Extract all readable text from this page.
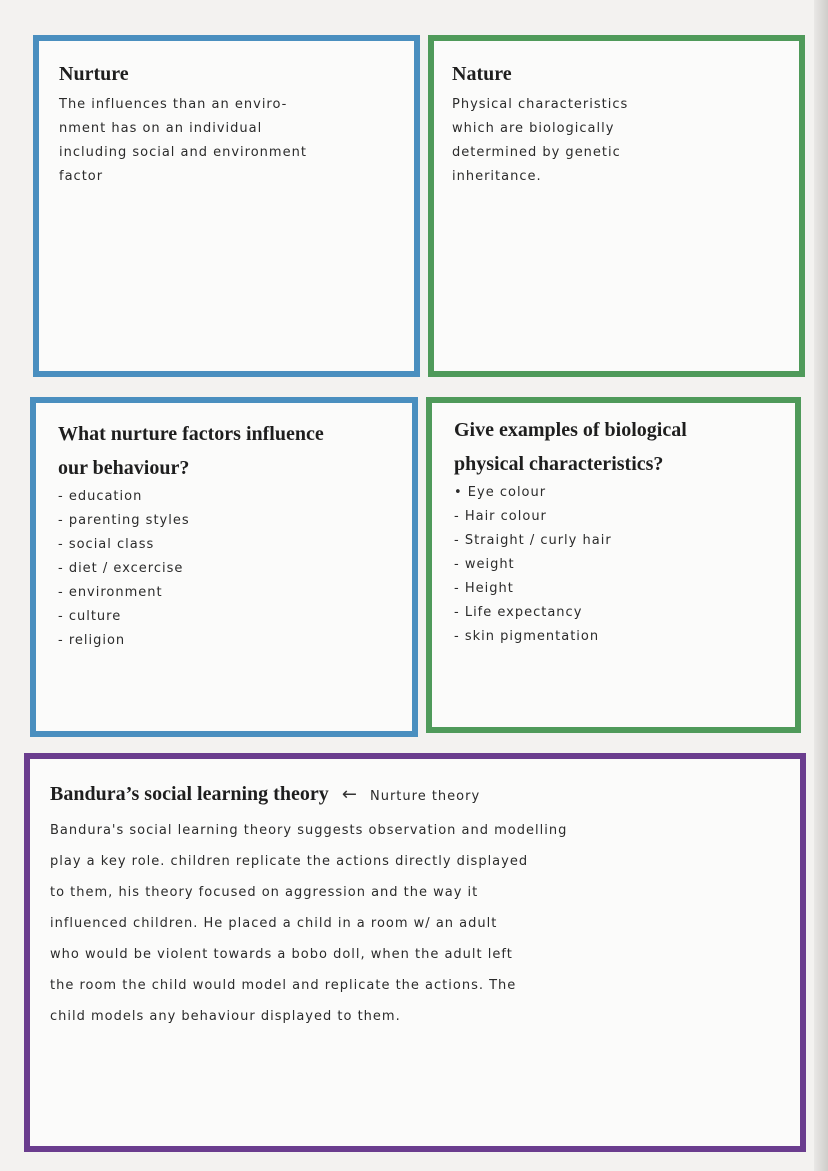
Nurture
The influences than an enviro-
nment has on an individual
including social and environment
factor
Nature
Physical characteristics
which are biologically
determined by genetic
inheritance.
What nurture factors influence
our behaviour?
- education
- parenting styles
- social class
- diet / excercise
- environment
- culture
- religion
Give examples of biological
physical characteristics?
• Eye colour
- Hair colour
- Straight / curly hair
- weight
- Height
- Life expectancy
- skin pigmentation
Bandura’s social learning theory ← Nurture theory
Bandura's social learning theory suggests observation and modelling
play a key role. children replicate the actions directly displayed
to them, his theory focused on aggression and the way it
influenced children. He placed a child in a room w/ an adult
who would be violent towards a bobo doll, when the adult left
the room the child would model and replicate the actions. The
child models any behaviour displayed to them.
